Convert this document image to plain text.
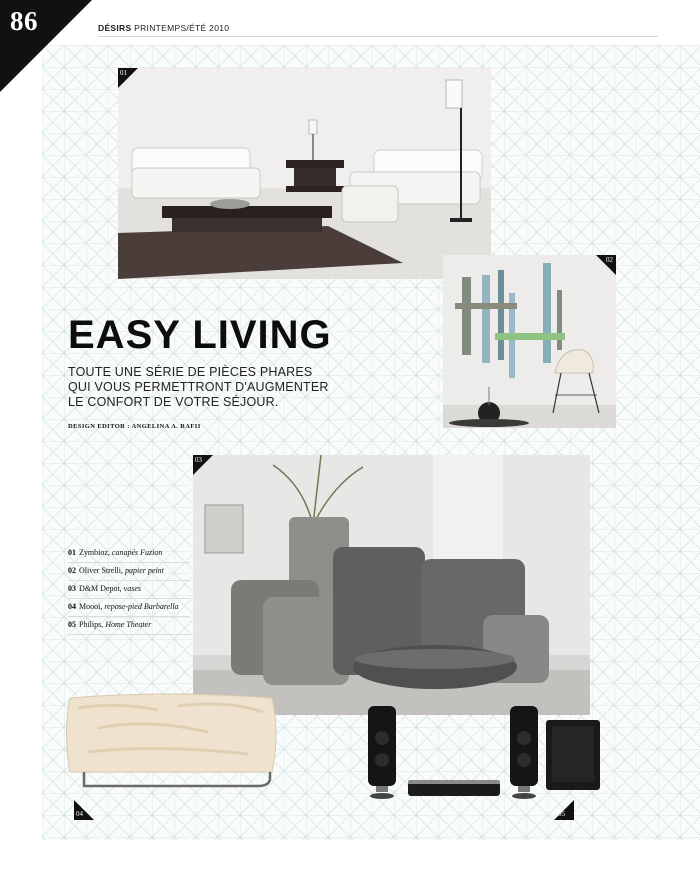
86	DÉSIRS PRINTEMPS/ÉTÉ 2010
01
02
EASY LIVING
TOUTE UNE SÉRIE DE PIÈCES PHARES
QUI VOUS PERMETTRONT D'AUGMENTER
LE CONFORT DE VOTRE SÉJOUR.
DESIGN EDITOR : ANGELINA A. RAFII
03
01 Zymbioz, canapés Fuzion
02 Oliver Strelli, papier peint
03 D&M Depot, vases
04 Moooi, repose-pied Barbarella
05 Philips, Home Theater
04	05
